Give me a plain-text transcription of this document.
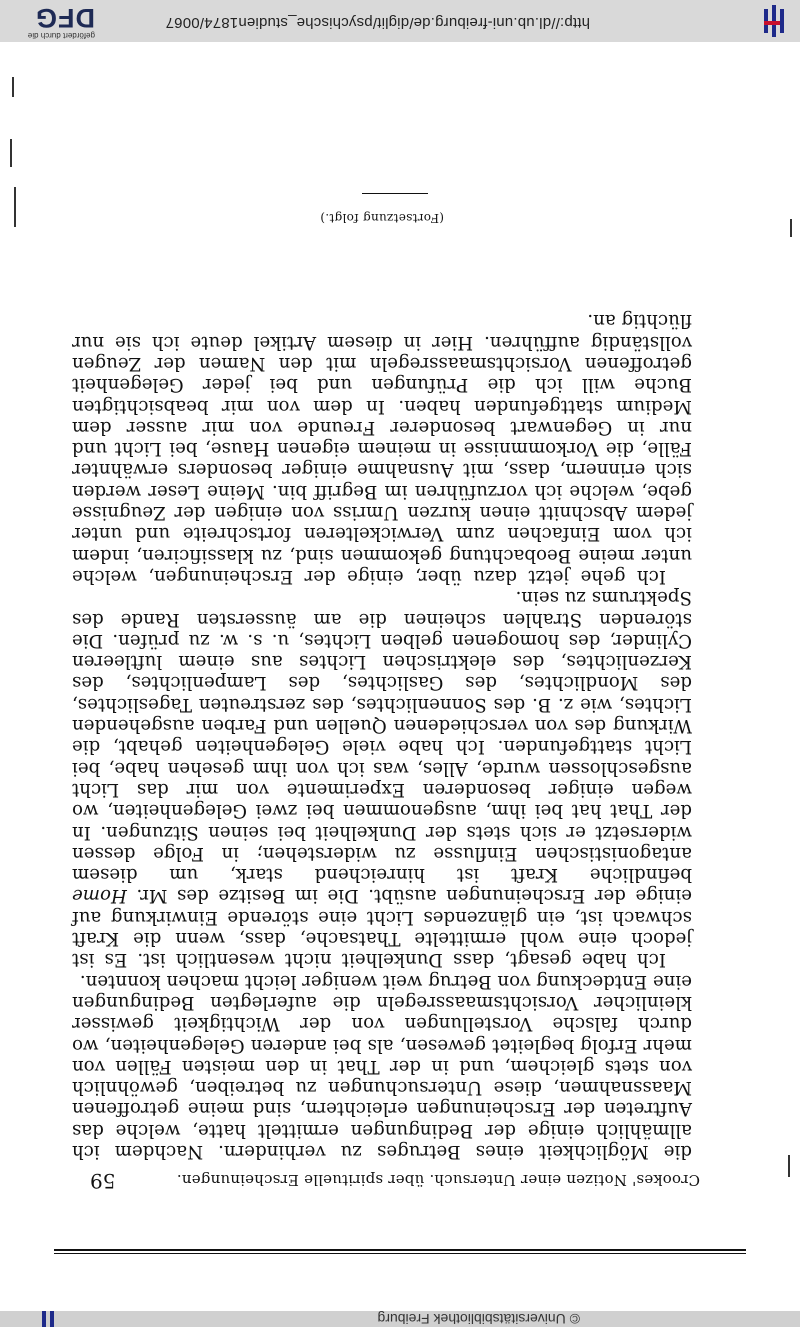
http://dl.ub.uni-freiburg.de/diglit/psychische_studien1874/0067
gefördert durch die
DFG
© Universitätsbibliothek Freiburg
Crookes' Notizen einer Untersuch. über spirituelle Erscheinungen.
59

die Möglichkeit eines Betruges zu verhindern. Nachdem ich allmählich einige der Bedingungen ermittelt hatte, welche das Auftreten der Erscheinungen erleichtern, sind meine getroffenen Maassnahmen, diese Untersuchungen zu betreiben, gewöhnlich von stets gleichem, und in der That in den meisten Fällen von mehr Erfolg begleitet gewesen, als bei anderen Gelegenheiten, wo durch falsche Vorstellungen von der Wichtigkeit gewisser kleinlicher Vorsichtsmaassregeln die auferlegten Bedingungen eine Entdeckung von Betrug weit weniger leicht machen konnten.

Ich habe gesagt, dass Dunkelheit nicht wesentlich ist. Es ist jedoch eine wohl ermittelte Thatsache, dass, wenn die Kraft schwach ist, ein glänzendes Licht eine störende Einwirkung auf einige der Erscheinungen ausübt. Die im Besitze des Mr. Home befindliche Kraft ist hinreichend stark, um diesem antagonistischen Einflusse zu widerstehen; in Folge dessen widersetzt er sich stets der Dunkelheit bei seinen Sitzungen. In der That hat bei ihm, ausgenommen bei zwei Gelegenheiten, wo wegen einiger besonderen Experimente von mir das Licht ausgeschlossen wurde, Alles, was ich von ihm gesehen habe, bei Licht stattgefunden. Ich habe viele Gelegenheiten gehabt, die Wirkung des von verschiedenen Quellen und Farben ausgehenden Lichtes, wie z. B. des Sonnenlichtes, des zerstreuten Tageslichtes, des Mondlichtes, des Gaslichtes, des Lampenlichtes, des Kerzenlichtes, des elektrischen Lichtes aus einem luftleeren Cylinder, des homogenen gelben Lichtes, u. s. w. zu prüfen. Die störenden Strahlen scheinen die am äussersten Rande des Spektrums zu sein.

Ich gehe jetzt dazu über, einige der Erscheinungen, welche unter meine Beobachtung gekommen sind, zu klassificiren, indem ich vom Einfachen zum Verwickelteren fortschreite und unter jedem Abschnitt einen kurzen Umriss von einigen der Zeugnisse gebe, welche ich vorzuführen im Begriff bin. Meine Leser werden sich erinnern, dass, mit Ausnahme einiger besonders erwähnter Fälle, die Vorkommnisse in meinem eigenen Hause, bei Licht und nur in Gegenwart besonderer Freunde von mir ausser dem Medium stattgefunden haben. In dem von mir beabsichtigten Buche will ich die Prüfungen und bei jeder Gelegenheit getroffenen Vorsichtsmaassregeln mit den Namen der Zeugen vollständig aufführen. Hier in diesem Artikel deute ich sie nur flüchtig an.

(Fortsetzung folgt.)
